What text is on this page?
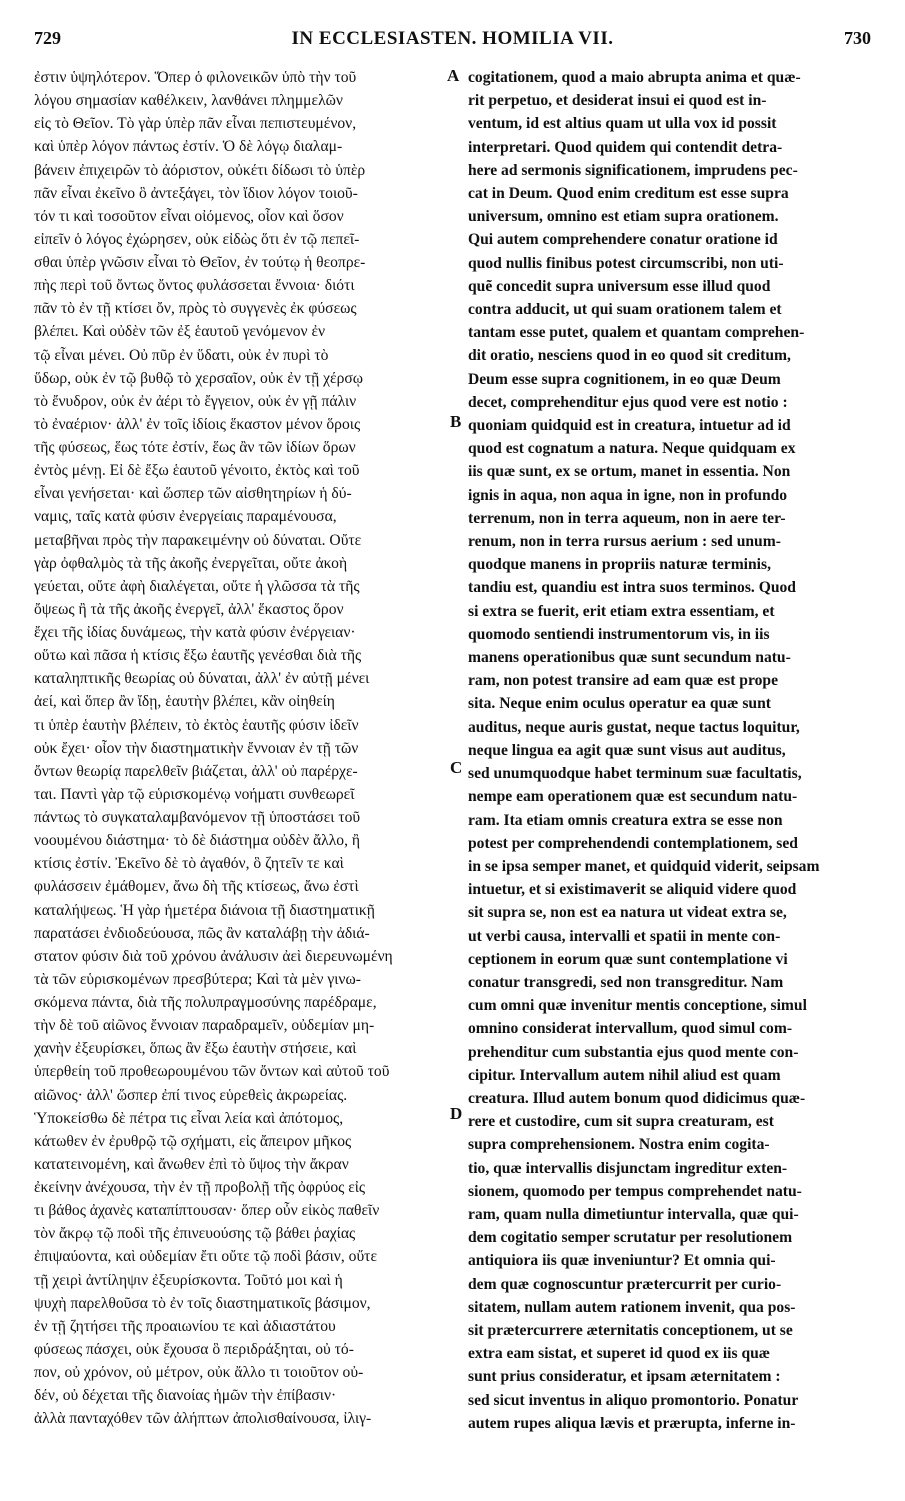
729	IN ECCLESIASTEN. HOMILIA VII.	730
ἐστιν ὑψηλότερον. Ὅπερ ὁ φιλονεικῶν ὑπὸ τὴν τοῦ
λόγου σημασίαν καθέλκειν, λανθάνει πλημμελῶν
εἰς τὸ Θεῖον. Τὸ γὰρ ὑπὲρ πᾶν εἶναι πεπιστευμένον,
καὶ ὑπὲρ λόγον πάντως ἐστίν. Ὁ δὲ λόγῳ διαλαμ-
βάνειν ἐπιχειρῶν τὸ ἀόριστον, οὐκέτι δίδωσι τὸ ὑπὲρ
πᾶν εἶναι ἐκεῖνο ὃ ἀντεξάγει, τὸν ἴδιον λόγον τοιοῦ-
τόν τι καὶ τοσοῦτον εἶναι οἰόμενος, οἷον καὶ ὅσον
εἰπεῖν ὁ λόγος ἐχώρησεν, οὐκ εἰδὼς ὅτι ἐν τῷ πεπεῖ-
σθαι ὑπὲρ γνῶσιν εἶναι τὸ Θεῖον, ἐν τούτῳ ἡ θεοπρε-
πὴς περὶ τοῦ ὄντως ὄντος φυλάσσεται ἔννοια· διότι
πᾶν τὸ ἐν τῇ κτίσει ὄν, πρὸς τὸ συγγενὲς ἐκ φύσεως
βλέπει. Καὶ οὐδὲν τῶν ἐξ ἑαυτοῦ γενόμενον ἐν
τῷ εἶναι μένει. Οὐ πῦρ ἐν ὕδατι, οὐκ ἐν πυρὶ τὸ
ὕδωρ, οὐκ ἐν τῷ βυθῷ τὸ χερσαῖον, οὐκ ἐν τῇ χέρσῳ
τὸ ἔνυδρον, οὐκ ἐν ἀέρι τὸ ἔγγειον, οὐκ ἐν γῇ πάλιν
τὸ ἐναέριον· ἀλλ' ἐν τοῖς ἰδίοις ἕκαστον μένον ὅροις
τῆς φύσεως, ἕως τότε ἐστίν, ἕως ἂν τῶν ἰδίων ὅρων
ἐντὸς μένῃ. Εἰ δὲ ἔξω ἑαυτοῦ γένοιτο, ἐκτὸς καὶ τοῦ
εἶναι γενήσεται· καὶ ὥσπερ τῶν αἰσθητηρίων ἡ δύ-
ναμις, ταῖς κατὰ φύσιν ἐνεργείαις παραμένουσα,
μεταβῆναι πρὸς τὴν παρακειμένην οὐ δύναται. Οὔτε
γὰρ ὀφθαλμὸς τὰ τῆς ἀκοῆς ἐνεργεῖται, οὔτε ἀκοὴ
γεύεται, οὔτε ἀφὴ διαλέγεται, οὔτε ἡ γλῶσσα τὰ τῆς
ὄψεως ἢ τὰ τῆς ἀκοῆς ἐνεργεῖ, ἀλλ' ἕκαστος ὅρον
ἔχει τῆς ἰδίας δυνάμεως, τὴν κατὰ φύσιν ἐνέργειαν·
οὕτω καὶ πᾶσα ἡ κτίσις ἔξω ἑαυτῆς γενέσθαι διὰ τῆς
καταληπτικῆς θεωρίας οὐ δύναται, ἀλλ' ἐν αὐτῇ μένει
ἀεί, καὶ ὅπερ ἂν ἴδῃ, ἑαυτὴν βλέπει, κἂν οἰηθείη
τι ὑπὲρ ἑαυτὴν βλέπειν, τὸ ἐκτὸς ἑαυτῆς φύσιν ἰδεῖν
οὐκ ἔχει· οἷον τὴν διαστηματικὴν ἔννοιαν ἐν τῇ τῶν
ὄντων θεωρίᾳ παρελθεῖν βιάζεται, ἀλλ' οὐ παρέρχε-
ται. Παντὶ γὰρ τῷ εὑρισκομένῳ νοήματι συνθεωρεῖ
πάντως τὸ συγκαταλαμβανόμενον τῇ ὑποστάσει τοῦ
νοουμένου διάστημα· τὸ δὲ διάστημα οὐδὲν ἄλλο, ἢ
κτίσις ἐστίν. Ἐκεῖνο δὲ τὸ ἀγαθόν, ὃ ζητεῖν τε καὶ
φυλάσσειν ἐμάθομεν, ἄνω δὴ τῆς κτίσεως, ἄνω ἐστὶ
καταλήψεως. Ἡ γὰρ ἡμετέρα διάνοια τῇ διαστηματικῇ
παρατάσει ἐνδιοδεύουσα, πῶς ἂν καταλάβῃ τὴν ἀδιά-
στατον φύσιν διὰ τοῦ χρόνου ἀνάλυσιν ἀεὶ διερευνωμένη
τὰ τῶν εὑρισκομένων πρεσβύτερα; Καὶ τὰ μὲν γινω-
σκόμενα πάντα, διὰ τῆς πολυπραγμοσύνης παρέδραμε,
τὴν δὲ τοῦ αἰῶνος ἔννοιαν παραδραμεῖν, οὐδεμίαν μη-
χανὴν ἐξευρίσκει, ὅπως ἂν ἔξω ἑαυτὴν στήσειε, καὶ
ὑπερθείη τοῦ προθεωρουμένου τῶν ὄντων καὶ αὐτοῦ τοῦ
αἰῶνος· ἀλλ' ὥσπερ ἐπί τινος εὑρεθεὶς ἀκρωρείας.
Ὑποκείσθω δὲ πέτρα τις εἶναι λεία καὶ ἀπότομος,
κάτωθεν ἐν ἐρυθρῷ τῷ σχήματι, εἰς ἄπειρον μῆκος
κατατεινομένη, καὶ ἄνωθεν ἐπὶ τὸ ὕψος τὴν ἄκραν
ἐκείνην ἀνέχουσα, τὴν ἐν τῇ προβολῇ τῆς ὀφρύος εἰς
τι βάθος ἀχανὲς καταπίπτουσαν· ὅπερ οὖν εἰκὸς παθεῖν
τὸν ἄκρῳ τῷ ποδὶ τῆς ἐπινευούσης τῷ βάθει ῥαχίας
ἐπιψαύοντα, καὶ οὐδεμίαν ἔτι οὔτε τῷ ποδὶ βάσιν, οὔτε
τῇ χειρὶ ἀντίληψιν ἐξευρίσκοντα. Τοῦτό μοι καὶ ἡ
ψυχὴ παρελθοῦσα τὸ ἐν τοῖς διαστηματικοῖς βάσιμον,
ἐν τῇ ζητήσει τῆς προαιωνίου τε καὶ ἀδιαστάτου
φύσεως πάσχει, οὐκ ἔχουσα ὃ περιδράξηται, οὐ τό-
πον, οὐ χρόνον, οὐ μέτρον, οὐκ ἄλλο τι τοιοῦτον οὐ-
δέν, οὐ δέχεται τῆς διανοίας ἡμῶν τὴν ἐπίβασιν·
ἀλλὰ πανταχόθεν τῶν ἀλήπτων ἀπολισθαίνουσα, ἰλιγ-
A
B
C
D
cogitationem, quod a maio abrupta anima et quæ-
rit perpetuo, et desiderat insui ei quod est in-
ventum, id est altius quam ut ulla vox id possit
interpretari. Quod quidem qui contendit detra-
here ad sermonis significationem, imprudens pec-
cat in Deum. Quod enim creditum est esse supra
universum, omnino est etiam supra orationem.
Qui autem comprehendere conatur oratione id
quod nullis finibus potest circumscribi, non uti-
quẽ concedit supra universum esse illud quod
contra adducit, ut qui suam orationem talem et
tantam esse putet, qualem et quantam comprehen-
dit oratio, nesciens quod in eo quod sit creditum,
Deum esse supra cognitionem, in eo quæ Deum
decet, comprehenditur ejus quod vere est notio :
quoniam quidquid est in creatura, intuetur ad id
quod est cognatum a natura. Neque quidquam ex
iis quæ sunt, ex se ortum, manet in essentia. Non
ignis in aqua, non aqua in igne, non in profundo
terrenum, non in terra aqueum, non in aere ter-
renum, non in terra rursus aerium : sed unum-
quodque manens in propriis naturæ terminis,
tandiu est, quandiu est intra suos terminos. Quod
si extra se fuerit, erit etiam extra essentiam, et
quomodo sentiendi instrumentorum vis, in iis
manens operationibus quæ sunt secundum natu-
ram, non potest transire ad eam quæ est prope
sita. Neque enim oculus operatur ea quæ sunt
auditus, neque auris gustat, neque tactus loquitur,
neque lingua ea agit quæ sunt visus aut auditus,
sed unumquodque habet terminum suæ facultatis,
nempe eam operationem quæ est secundum natu-
ram. Ita etiam omnis creatura extra se esse non
potest per comprehendendi contemplationem, sed
in se ipsa semper manet, et quidquid viderit, seipsam
intuetur, et si existimaverit se aliquid videre quod
sit supra se, non est ea natura ut videat extra se,
ut verbi causa, intervalli et spatii in mente con-
ceptionem in eorum quæ sunt contemplatione vi
conatur transgredi, sed non transgreditur. Nam
cum omni quæ invenitur mentis conceptione, simul
omnino considerat intervallum, quod simul com-
prehenditur cum substantia ejus quod mente con-
cipitur. Intervallum autem nihil aliud est quam
creatura. Illud autem bonum quod didicimus quæ-
rere et custodire, cum sit supra creaturam, est
supra comprehensionem. Nostra enim cogita-
tio, quæ intervallis disjunctam ingreditur exten-
sionem, quomodo per tempus comprehendet natu-
ram, quam nulla dimetiuntur intervalla, quæ qui-
dem cogitatio semper scrutatur per resolutionem
antiquiora iis quæ inveniuntur? Et omnia qui-
dem quæ cognoscuntur prætercurrit per curio-
sitatem, nullam autem rationem invenit, qua pos-
sit prætercurrere æternitatis conceptionem, ut se
extra eam sistat, et superet id quod ex iis quæ
sunt prius consideratur, et ipsam æternitatem :
sed sicut inventus in aliquo promontorio. Ponatur
autem rupes aliqua lævis et prærupta, inferne in-
